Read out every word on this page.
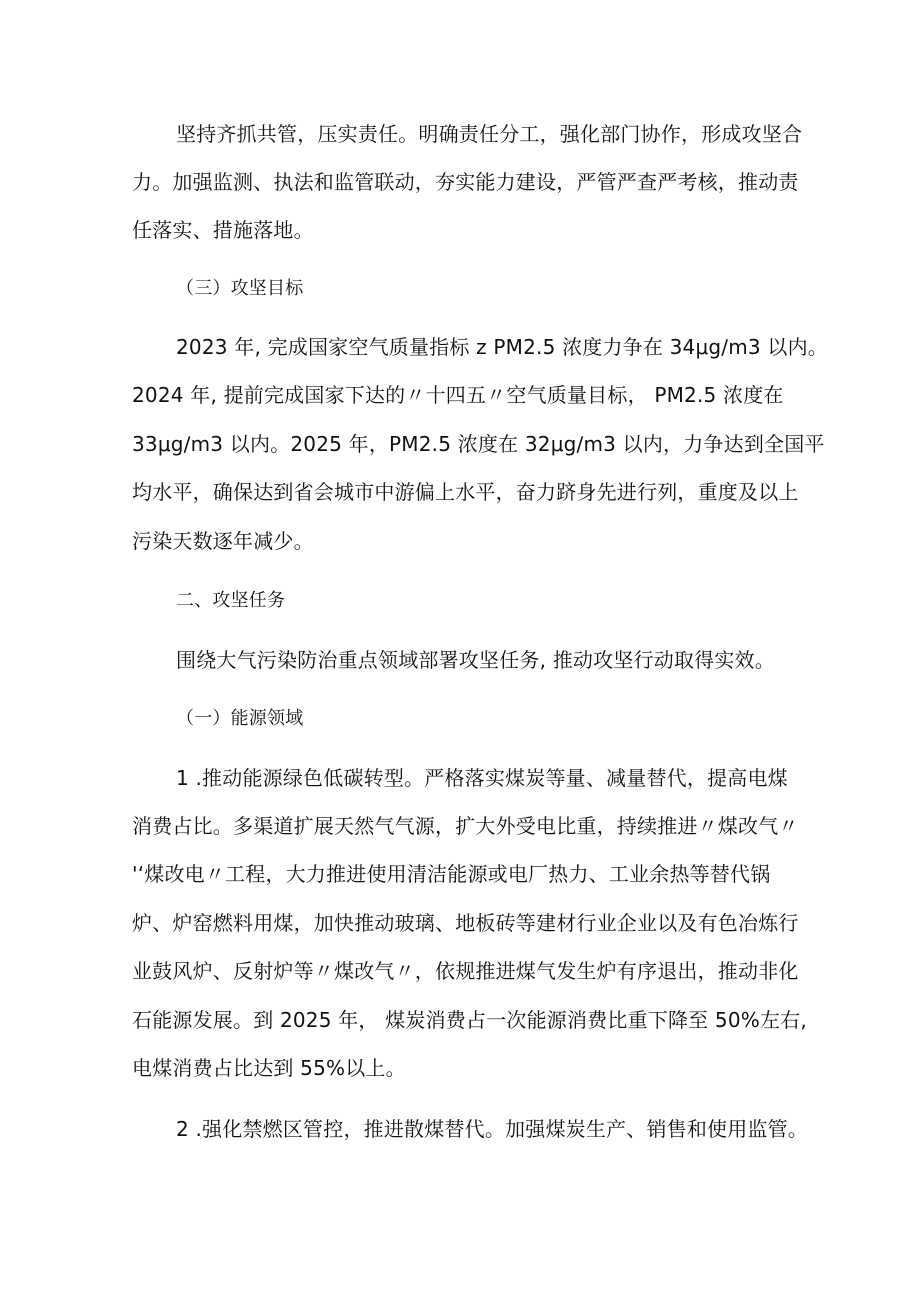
坚持齐抓共管，压实责任。明确责任分工，强化部门协作，形成攻坚合
力。加强监测、执法和监管联动，夯实能力建设，严管严查严考核，推动责
任落实、措施落地。
（三）攻坚目标
2023 年, 完成国家空气质量指标 z PM2.5 浓度力争在 34μg∕m3 以内。
2024 年, 提前完成国家下达的〃十四五〃空气质量目标， PM2.5 浓度在
33μg∕m3 以内。2025 年，PM2.5 浓度在 32μg∕m3 以内，力争达到全国平
均水平，确保达到省会城市中游偏上水平，奋力跻身先进行列，重度及以上
污染天数逐年减少。
二、攻坚任务
围绕大气污染防治重点领域部署攻坚任务, 推动攻坚行动取得实效。
（一）能源领域
1 .推动能源绿色低碳转型。严格落实煤炭等量、减量替代，提高电煤
消费占比。多渠道扩展天然气气源，扩大外受电比重，持续推进〃煤改气〃
'‘煤改电〃工程，大力推进使用清洁能源或电厂热力、工业余热等替代锅
炉、炉窑燃料用煤，加快推动玻璃、地板砖等建材行业企业以及有色冶炼行
业鼓风炉、反射炉等〃煤改气〃，依规推进煤气发生炉有序退出，推动非化
石能源发展。到 2025 年， 煤炭消费占一次能源消费比重下降至 50%左右,
电煤消费占比达到 55%以上。
2 .强化禁燃区管控，推进散煤替代。加强煤炭生产、销售和使用监管。
